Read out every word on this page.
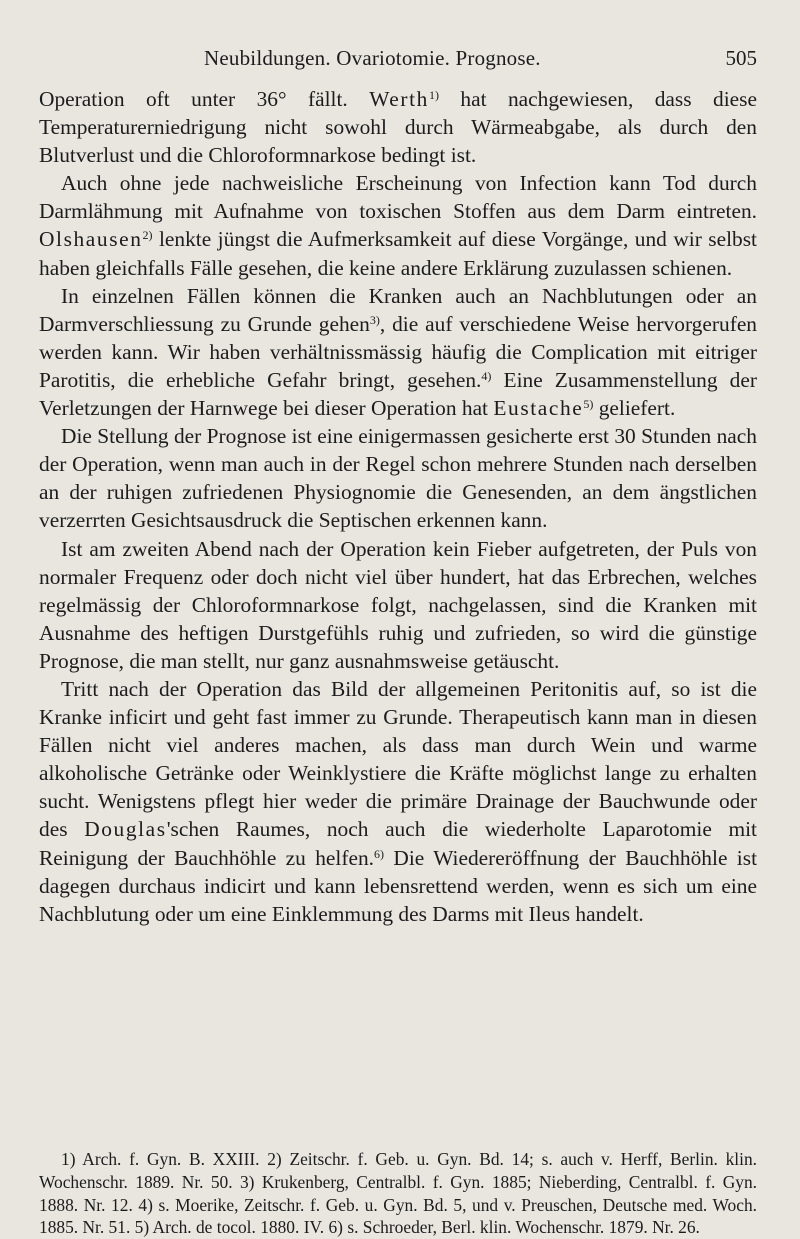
Neubildungen. Ovariotomie. Prognose.	505

Operation oft unter 36° fällt. Werth$^{1)}$ hat nachgewiesen, dass diese Temperaturerniedrigung nicht sowohl durch Wärmeabgabe, als durch den Blutverlust und die Chloroformnarkose bedingt ist.

Auch ohne jede nachweisliche Erscheinung von Infection kann Tod durch Darmlähmung mit Aufnahme von toxischen Stoffen aus dem Darm eintreten. Olshausen$^{2)}$ lenkte jüngst die Aufmerksamkeit auf diese Vorgänge, und wir selbst haben gleichfalls Fälle gesehen, die keine andere Erklärung zuzulassen schienen.

In einzelnen Fällen können die Kranken auch an Nachblutungen oder an Darmverschliessung zu Grunde gehen$^{3)}$, die auf verschiedene Weise hervorgerufen werden kann. Wir haben verhältnissmässig häufig die Complication mit eitriger Parotitis, die erhebliche Gefahr bringt, gesehen.$^{4)}$ Eine Zusammenstellung der Verletzungen der Harnwege bei dieser Operation hat Eustache$^{5)}$ geliefert.

Die Stellung der Prognose ist eine einigermassen gesicherte erst 30 Stunden nach der Operation, wenn man auch in der Regel schon mehrere Stunden nach derselben an der ruhigen zufriedenen Physiognomie die Genesenden, an dem ängstlichen verzerrten Gesichtsausdruck die Septischen erkennen kann.

Ist am zweiten Abend nach der Operation kein Fieber aufgetreten, der Puls von normaler Frequenz oder doch nicht viel über hundert, hat das Erbrechen, welches regelmässig der Chloroformnarkose folgt, nachgelassen, sind die Kranken mit Ausnahme des heftigen Durstgefühls ruhig und zufrieden, so wird die günstige Prognose, die man stellt, nur ganz ausnahmsweise getäuscht.

Tritt nach der Operation das Bild der allgemeinen Peritonitis auf, so ist die Kranke inficirt und geht fast immer zu Grunde. Therapeutisch kann man in diesen Fällen nicht viel anderes machen, als dass man durch Wein und warme alkoholische Getränke oder Weinklystiere die Kräfte möglichst lange zu erhalten sucht. Wenigstens pflegt hier weder die primäre Drainage der Bauchwunde oder des Douglas'schen Raumes, noch auch die wiederholte Laparotomie mit Reinigung der Bauchhöhle zu helfen.$^{6)}$ Die Wiedereröffnung der Bauchhöhle ist dagegen durchaus indicirt und kann lebensrettend werden, wenn es sich um eine Nachblutung oder um eine Einklemmung des Darms mit Ileus handelt.

1) Arch. f. Gyn. B. XXIII. 2) Zeitschr. f. Geb. u. Gyn. Bd. 14; s. auch v. Herff, Berlin. klin. Wochenschr. 1889. Nr. 50. 3) Krukenberg, Centralbl. f. Gyn. 1885; Nieberding, Centralbl. f. Gyn. 1888. Nr. 12. 4) s. Moerike, Zeitschr. f. Geb. u. Gyn. Bd. 5, und v. Preuschen, Deutsche med. Woch. 1885. Nr. 51. 5) Arch. de tocol. 1880. IV. 6) s. Schroeder, Berl. klin. Wochenschr. 1879. Nr. 26.
